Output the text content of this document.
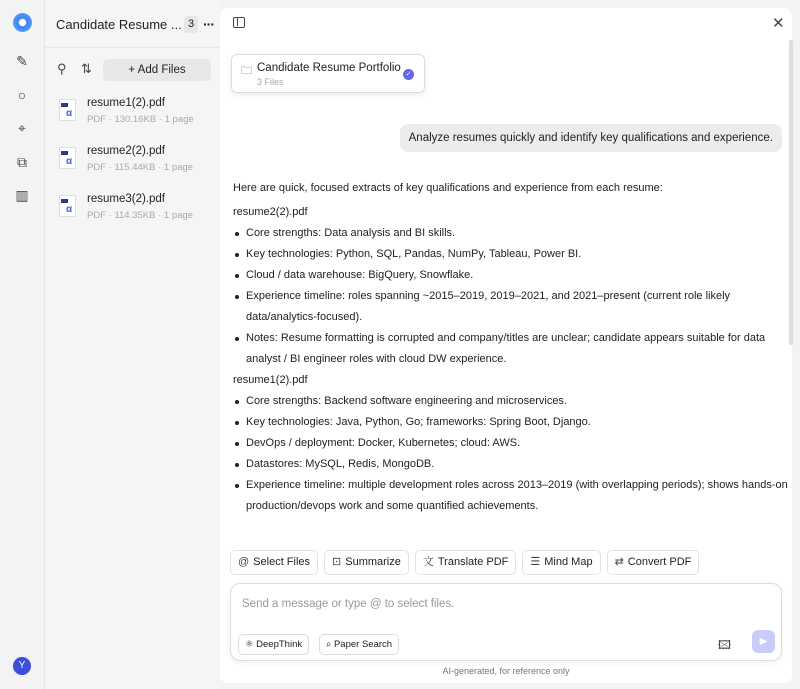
✎
○
⌖
⧉
▥
Y
Candidate Resume ... 3 ···
⚲ ⇅	+ Add Files
α
resume1(2).pdf
PDF · 130.16KB · 1 page
α
resume2(2).pdf
PDF · 115.44KB · 1 page
α
resume3(2).pdf
PDF · 114.35KB · 1 page
✕
🗀 Candidate Resume Portfolio
3 Files
✓
Analyze resumes quickly and identify key qualifications and experience.

Here are quick, focused extracts of key qualifications and experience from each resume:

resume2(2).pdf

Core strengths: Data analysis and BI skills.
Key technologies: Python, SQL, Pandas, NumPy, Tableau, Power BI.
Cloud / data warehouse: BigQuery, Snowflake.
Experience timeline: roles spanning ~2015–2019, 2019–2021, and 2021–present (current role likely data/analytics-focused).
Notes: Resume formatting is corrupted and company/titles are unclear; candidate appears suitable for data analyst / BI engineer roles with cloud DW experience.

resume1(2).pdf

Core strengths: Backend software engineering and microservices.
Key technologies: Java, Python, Go; frameworks: Spring Boot, Django.
DevOps / deployment: Docker, Kubernetes; cloud: AWS.
Datastores: MySQL, Redis, MongoDB.
Experience timeline: multiple development roles across 2013–2019 (with overlapping periods); shows hands-on production/devops work and some quantified achievements.
@ Select Files	⊡ Summarize	文 Translate PDF	☰ Mind Map	⇄ Convert PDF
Send a message or type @ to select files.
⚛ DeepThink	⌕ Paper Search	🖾	▶
AI-generated, for reference only
